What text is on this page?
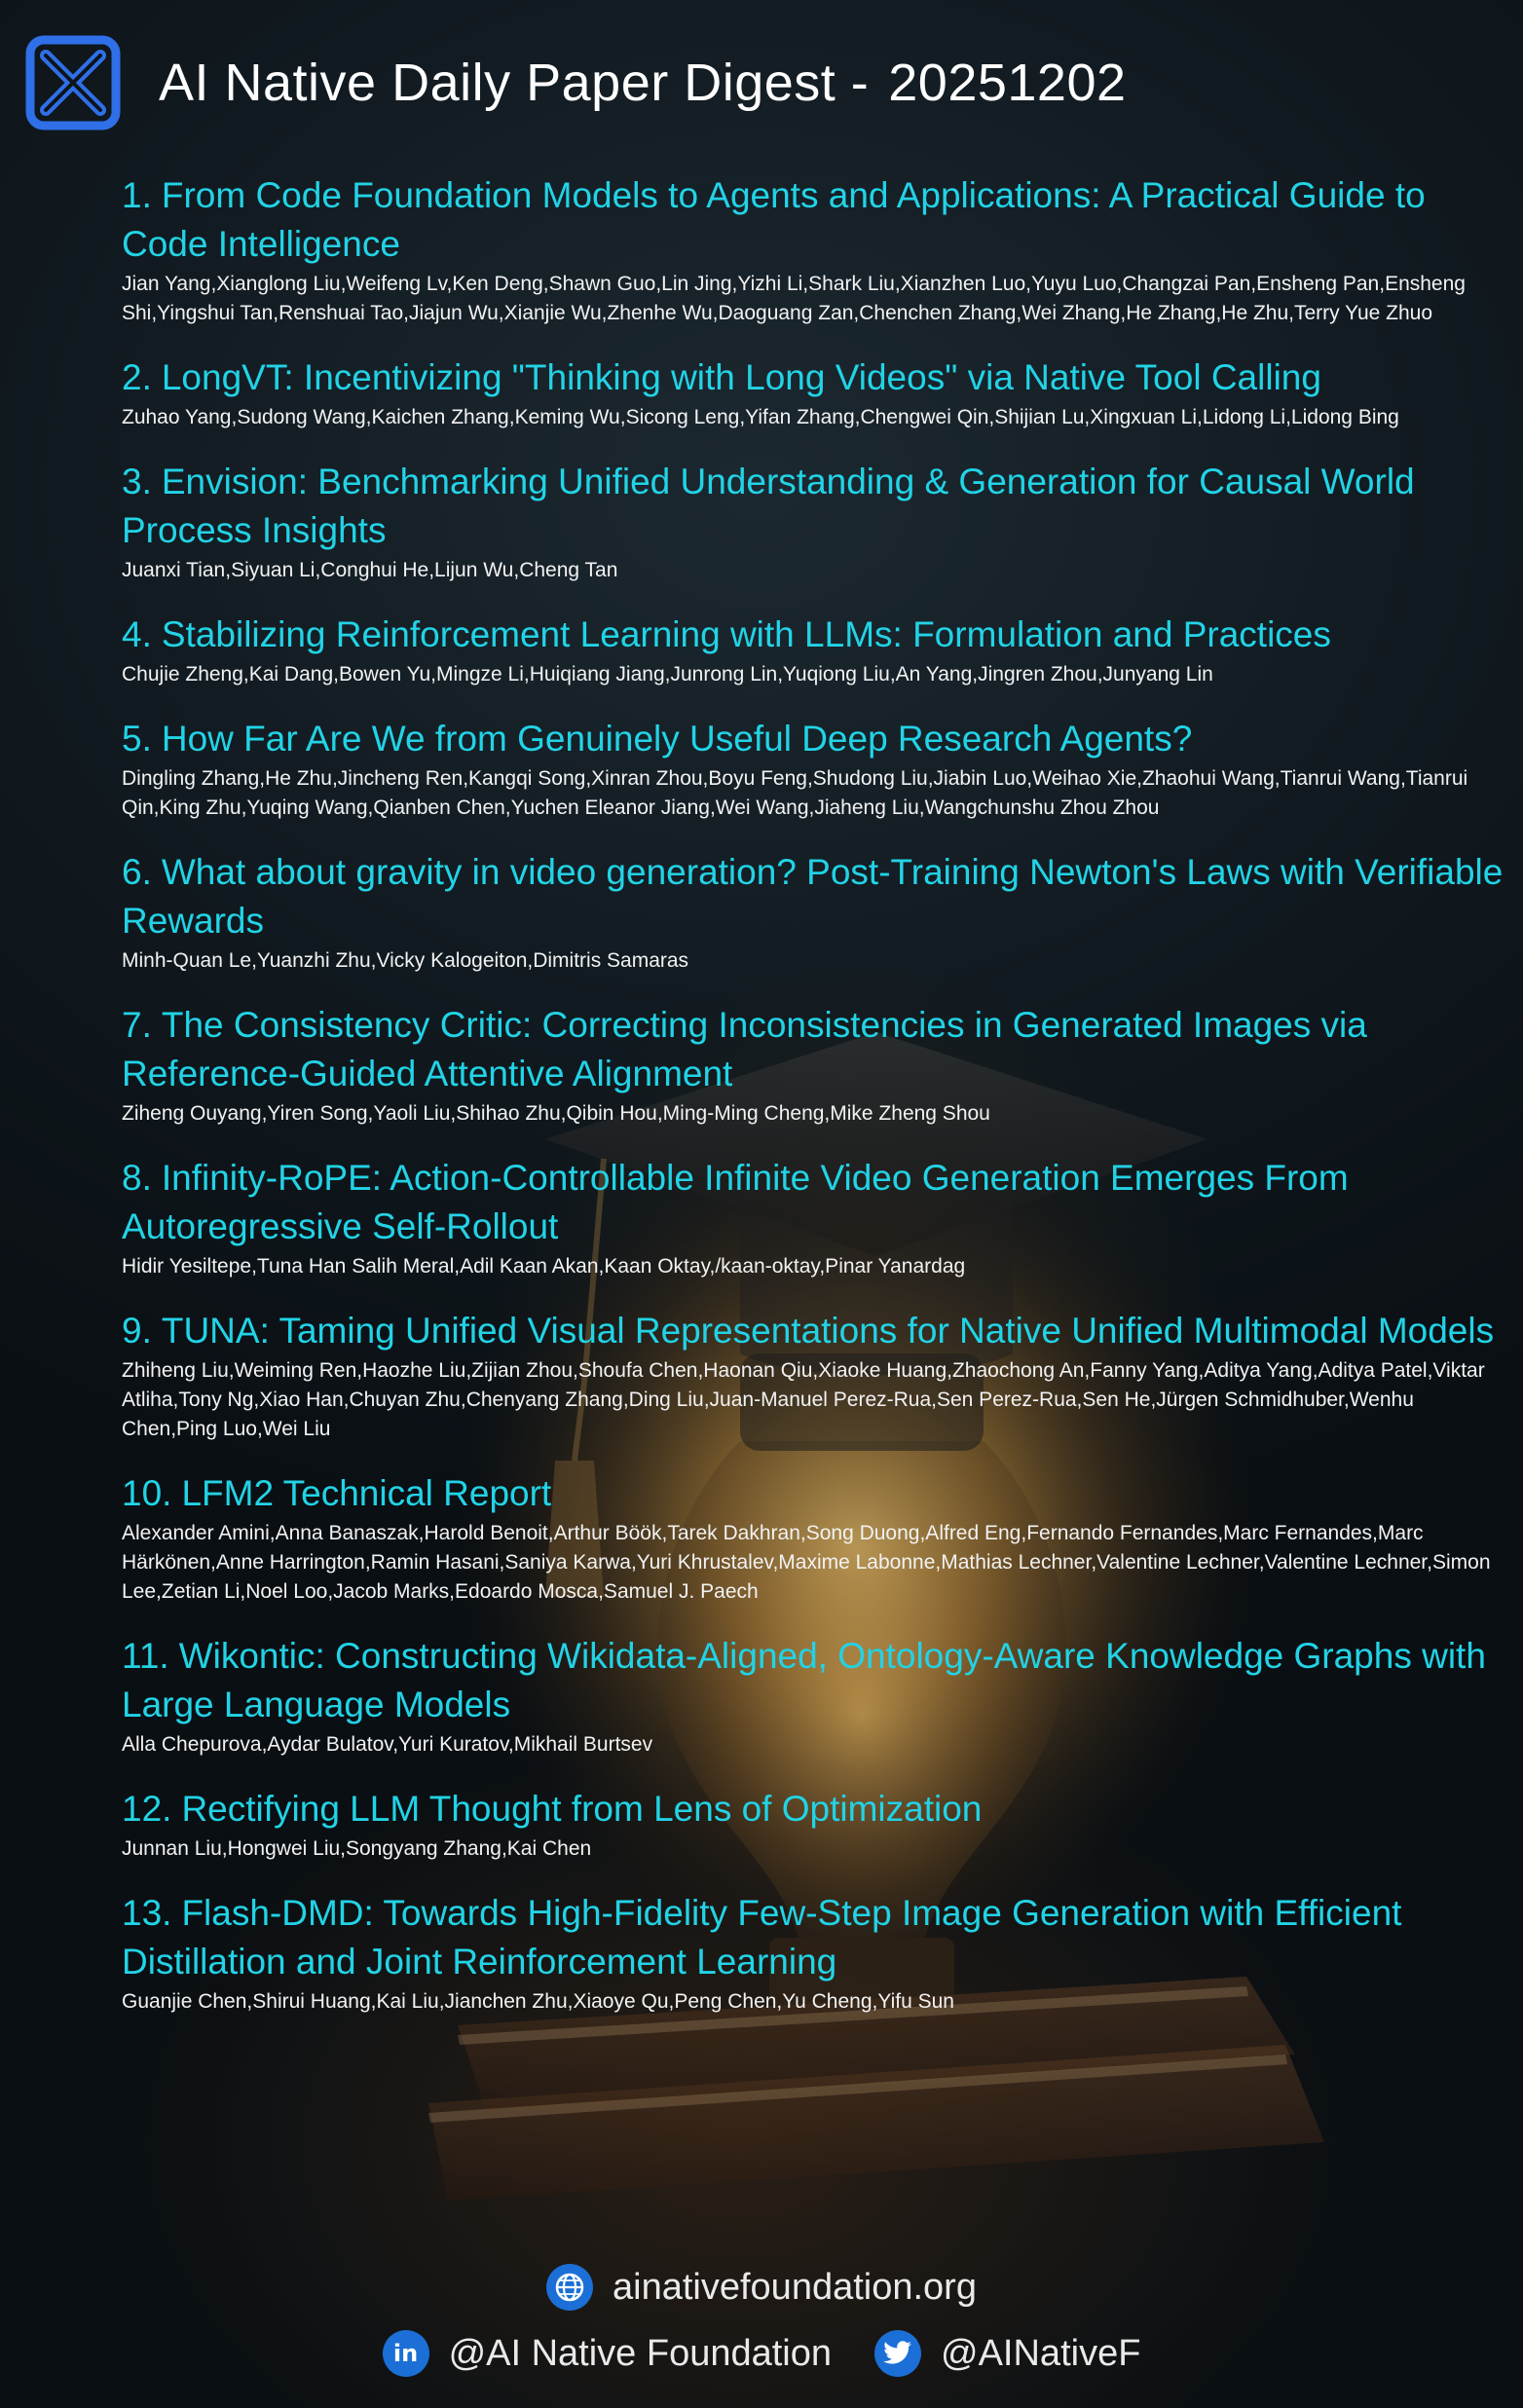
AI Native Daily Paper Digest - 20251202
1. From Code Foundation Models to Agents and Applications: A Practical Guide to Code Intelligence
Jian Yang,Xianglong Liu,Weifeng Lv,Ken Deng,Shawn Guo,Lin Jing,Yizhi Li,Shark Liu,Xianzhen Luo,Yuyu Luo,Changzai Pan,Ensheng Pan,Ensheng Shi,Yingshui Tan,Renshuai Tao,Jiajun Wu,Xianjie Wu,Zhenhe Wu,Daoguang Zan,Chenchen Zhang,Wei Zhang,He Zhang,He Zhu,Terry Yue Zhuo
2. LongVT: Incentivizing "Thinking with Long Videos" via Native Tool Calling
Zuhao Yang,Sudong Wang,Kaichen Zhang,Keming Wu,Sicong Leng,Yifan Zhang,Chengwei Qin,Shijian Lu,Xingxuan Li,Lidong Li,Lidong Bing
3. Envision: Benchmarking Unified Understanding & Generation for Causal World Process Insights
Juanxi Tian,Siyuan Li,Conghui He,Lijun Wu,Cheng Tan
4. Stabilizing Reinforcement Learning with LLMs: Formulation and Practices
Chujie Zheng,Kai Dang,Bowen Yu,Mingze Li,Huiqiang Jiang,Junrong Lin,Yuqiong Liu,An Yang,Jingren Zhou,Junyang Lin
5. How Far Are We from Genuinely Useful Deep Research Agents?
Dingling Zhang,He Zhu,Jincheng Ren,Kangqi Song,Xinran Zhou,Boyu Feng,Shudong Liu,Jiabin Luo,Weihao Xie,Zhaohui Wang,Tianrui Wang,Tianrui Qin,King Zhu,Yuqing Wang,Qianben Chen,Yuchen Eleanor Jiang,Wei Wang,Jiaheng Liu,Wangchunshu Zhou Zhou
6. What about gravity in video generation? Post-Training Newton's Laws with Verifiable Rewards
Minh-Quan Le,Yuanzhi Zhu,Vicky Kalogeiton,Dimitris Samaras
7. The Consistency Critic: Correcting Inconsistencies in Generated Images via Reference-Guided Attentive Alignment
Ziheng Ouyang,Yiren Song,Yaoli Liu,Shihao Zhu,Qibin Hou,Ming-Ming Cheng,Mike Zheng Shou
8. Infinity-RoPE: Action-Controllable Infinite Video Generation Emerges From Autoregressive Self-Rollout
Hidir Yesiltepe,Tuna Han Salih Meral,Adil Kaan Akan,Kaan Oktay,/kaan-oktay,Pinar Yanardag
9. TUNA: Taming Unified Visual Representations for Native Unified Multimodal Models
Zhiheng Liu,Weiming Ren,Haozhe Liu,Zijian Zhou,Shoufa Chen,Haonan Qiu,Xiaoke Huang,Zhaochong An,Fanny Yang,Aditya Yang,Aditya Patel,Viktar Atliha,Tony Ng,Xiao Han,Chuyan Zhu,Chenyang Zhang,Ding Liu,Juan-Manuel Perez-Rua,Sen Perez-Rua,Sen He,Jürgen Schmidhuber,Wenhu Chen,Ping Luo,Wei Liu
10. LFM2 Technical Report
Alexander Amini,Anna Banaszak,Harold Benoit,Arthur Böök,Tarek Dakhran,Song Duong,Alfred Eng,Fernando Fernandes,Marc Fernandes,Marc Härkönen,Anne Harrington,Ramin Hasani,Saniya Karwa,Yuri Khrustalev,Maxime Labonne,Mathias Lechner,Valentine Lechner,Valentine Lechner,Simon Lee,Zetian Li,Noel Loo,Jacob Marks,Edoardo Mosca,Samuel J. Paech
11. Wikontic: Constructing Wikidata-Aligned, Ontology-Aware Knowledge Graphs with Large Language Models
Alla Chepurova,Aydar Bulatov,Yuri Kuratov,Mikhail Burtsev
12. Rectifying LLM Thought from Lens of Optimization
Junnan Liu,Hongwei Liu,Songyang Zhang,Kai Chen
13. Flash-DMD: Towards High-Fidelity Few-Step Image Generation with Efficient Distillation and Joint Reinforcement Learning
Guanjie Chen,Shirui Huang,Kai Liu,Jianchen Zhu,Xiaoye Qu,Peng Chen,Yu Cheng,Yifu Sun
ainativefoundation.org
in @AI Native Foundation	@AINativeF
